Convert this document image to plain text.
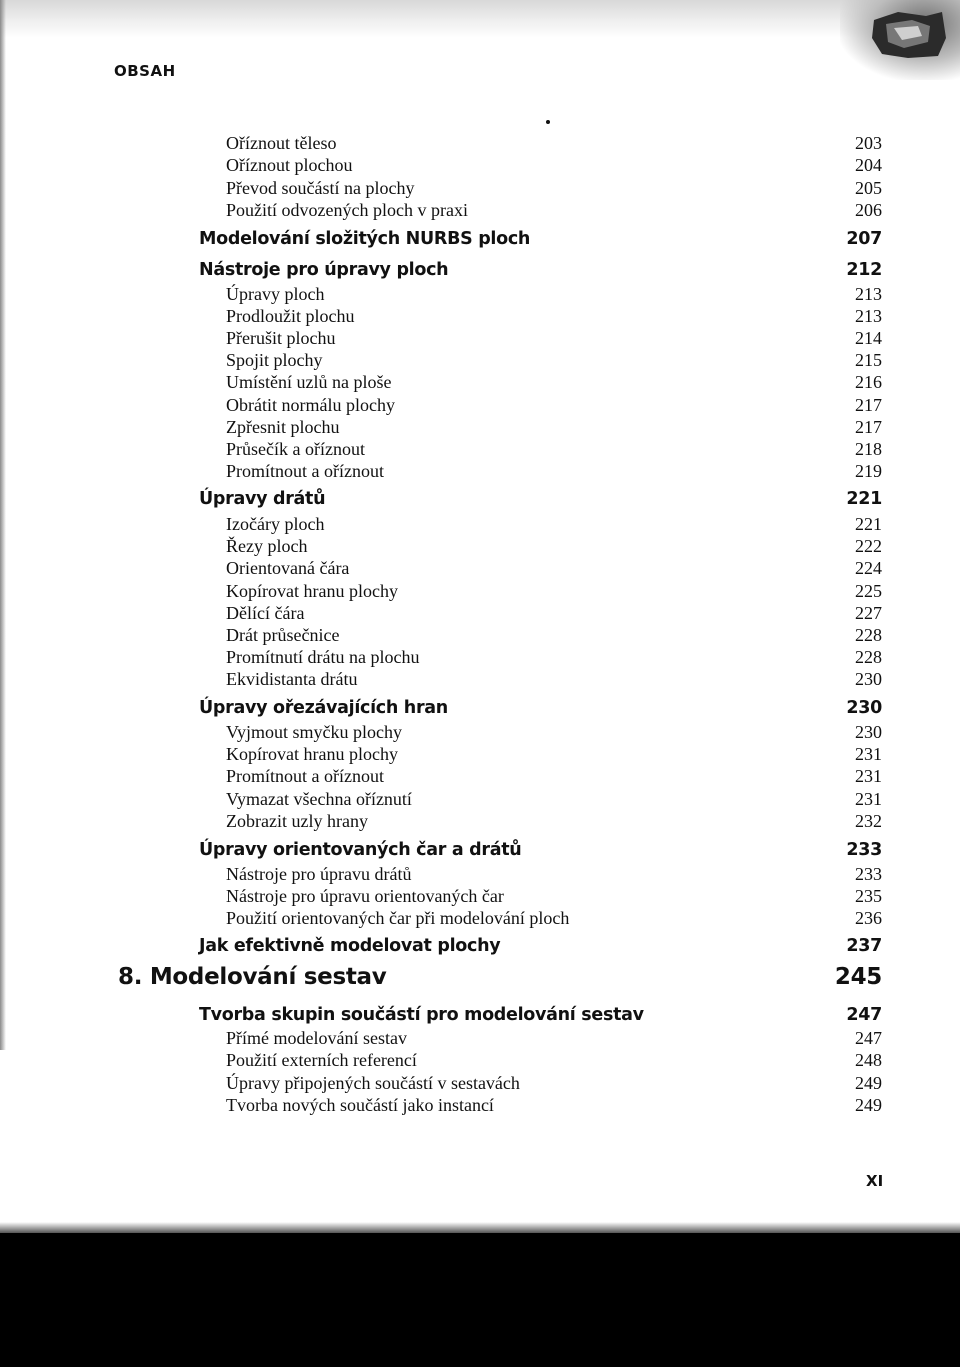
OBSAH
Oříznout těleso	203
Oříznout plochou	204
Převod součástí na plochy	205
Použití odvozených ploch v praxi	206
Modelování složitých NURBS ploch	207
Nástroje pro úpravy ploch	212
Úpravy ploch	213
Prodloužit plochu	213
Přerušit plochu	214
Spojit plochy	215
Umístění uzlů na ploše	216
Obrátit normálu plochy	217
Zpřesnit plochu	217
Průsečík a oříznout	218
Promítnout a oříznout	219
Úpravy drátů	221
Izočáry ploch	221
Řezy ploch	222
Orientovaná čára	224
Kopírovat hranu plochy	225
Dělící čára	227
Drát průsečnice	228
Promítnutí drátu na plochu	228
Ekvidistanta drátu	230
Úpravy ořezávajících hran	230
Vyjmout smyčku plochy	230
Kopírovat hranu plochy	231
Promítnout a oříznout	231
Vymazat všechna oříznutí	231
Zobrazit uzly hrany	232
Úpravy orientovaných čar a drátů	233
Nástroje pro úpravu drátů	233
Nástroje pro úpravu orientovaných čar	235
Použití orientovaných čar při modelování ploch	236
Jak efektivně modelovat plochy	237
8. Modelování sestav	245
Tvorba skupin součástí pro modelování sestav	247
Přímé modelování sestav	247
Použití externích referencí	248
Úpravy připojených součástí v sestavách	249
Tvorba nových součástí jako instancí	249
XI
